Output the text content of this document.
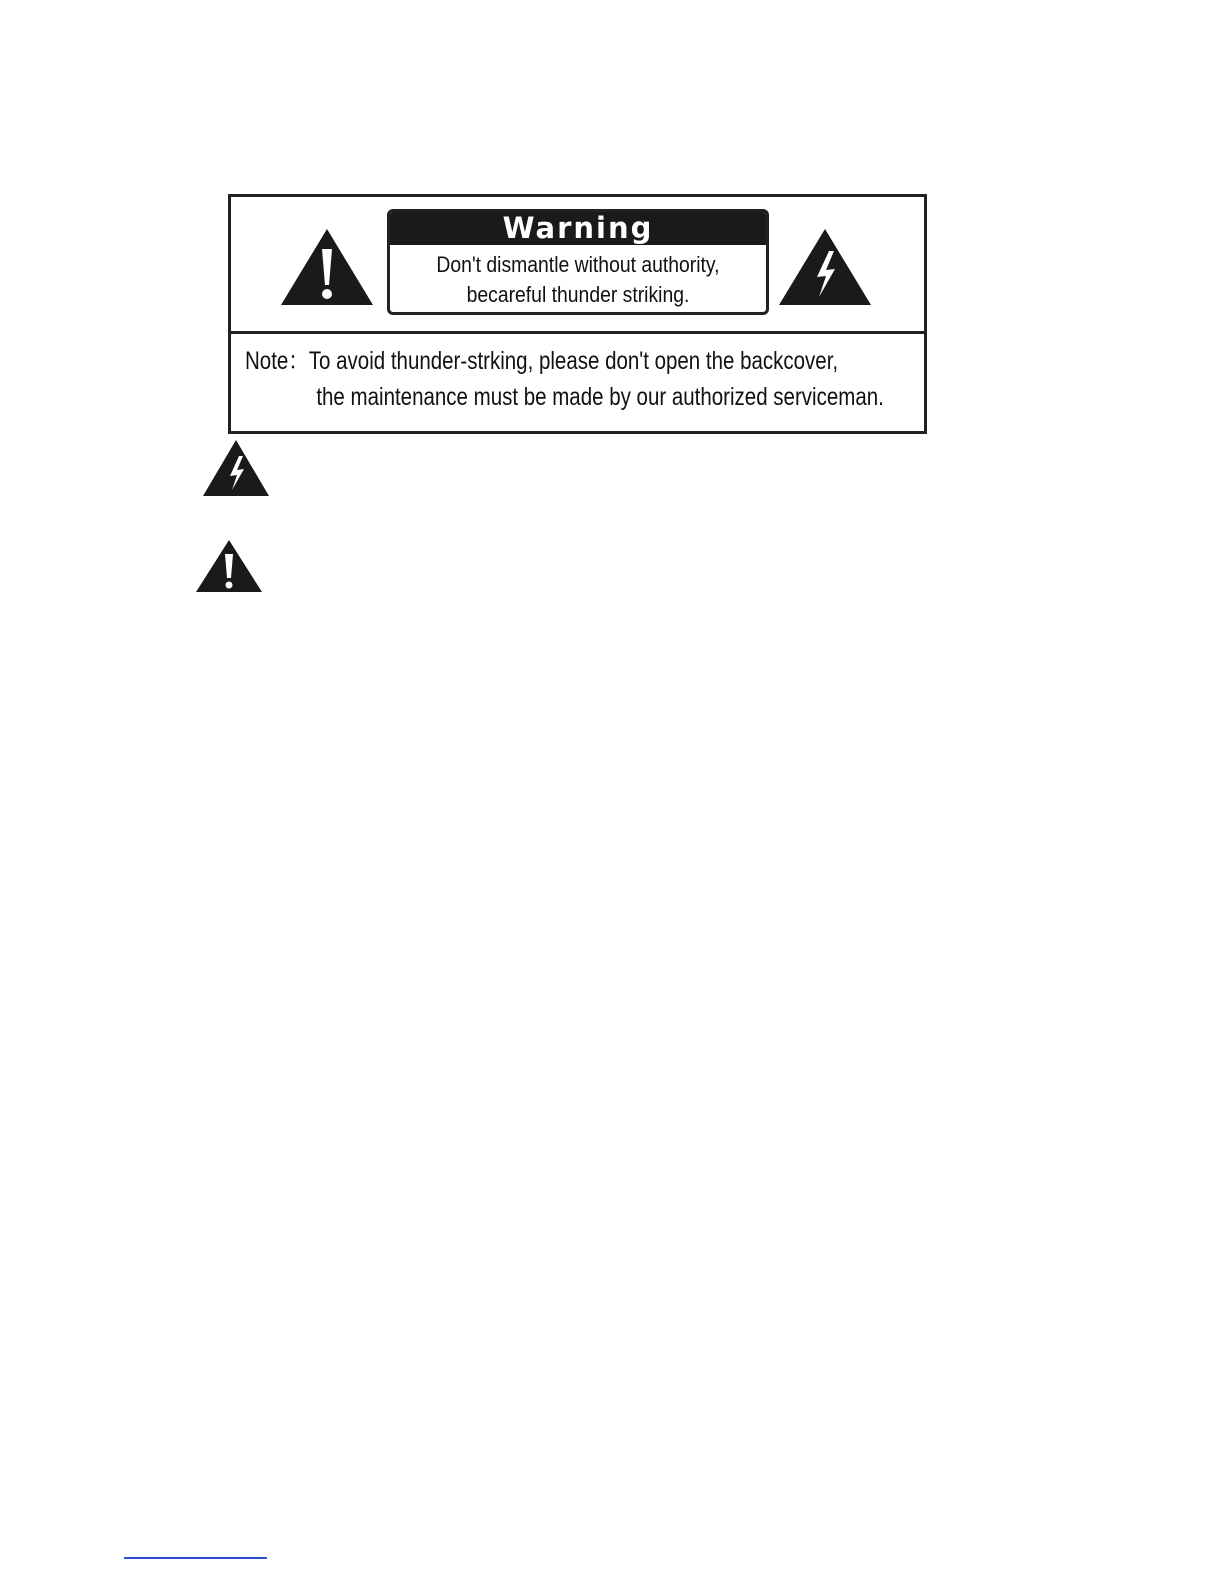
Warning
Don't dismantle without authority,
becareful thunder striking.
Note：To avoid thunder-strking, please don't open the backcover,
the maintenance must be made by our authorized serviceman.
